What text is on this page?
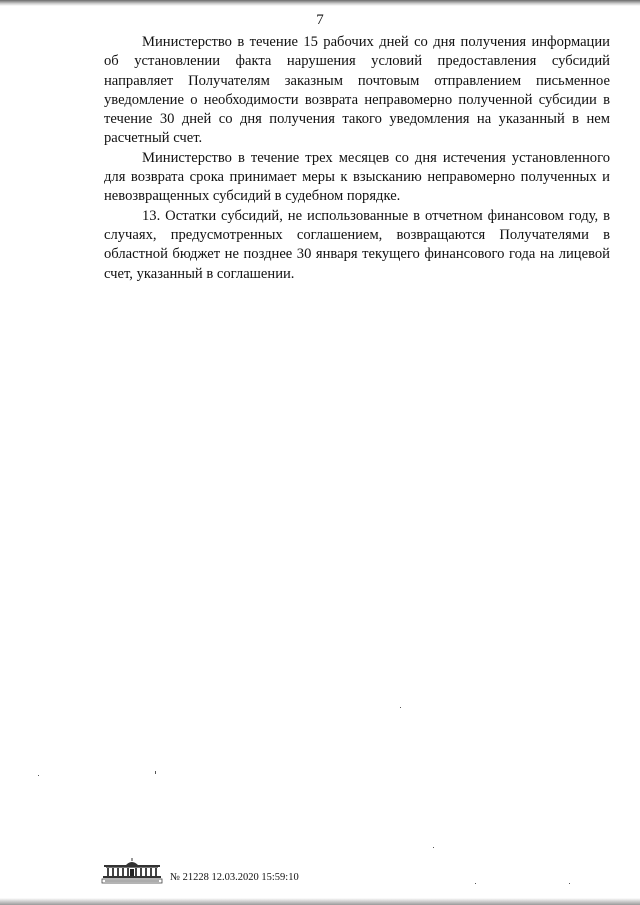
7

Министерство в течение 15 рабочих дней со дня получения информации об установлении факта нарушения условий предоставления субсидий направляет Получателям заказным почтовым отправлением письменное уведомление о необходимости возврата неправомерно полученной субсидии в течение 30 дней со дня получения такого уведомления на указанный в нем расчетный счет.

Министерство в течение трех месяцев со дня истечения установленного для возврата срока принимает меры к взысканию неправомерно полученных и невозвращенных субсидий в судебном порядке.

13. Остатки субсидий, не использованные в отчетном финансовом году, в случаях, предусмотренных соглашением, возвращаются Получателями в областной бюджет не позднее 30 января текущего финансового года на лицевой счет, указанный в соглашении.

№ 21228 12.03.2020 15:59:10
